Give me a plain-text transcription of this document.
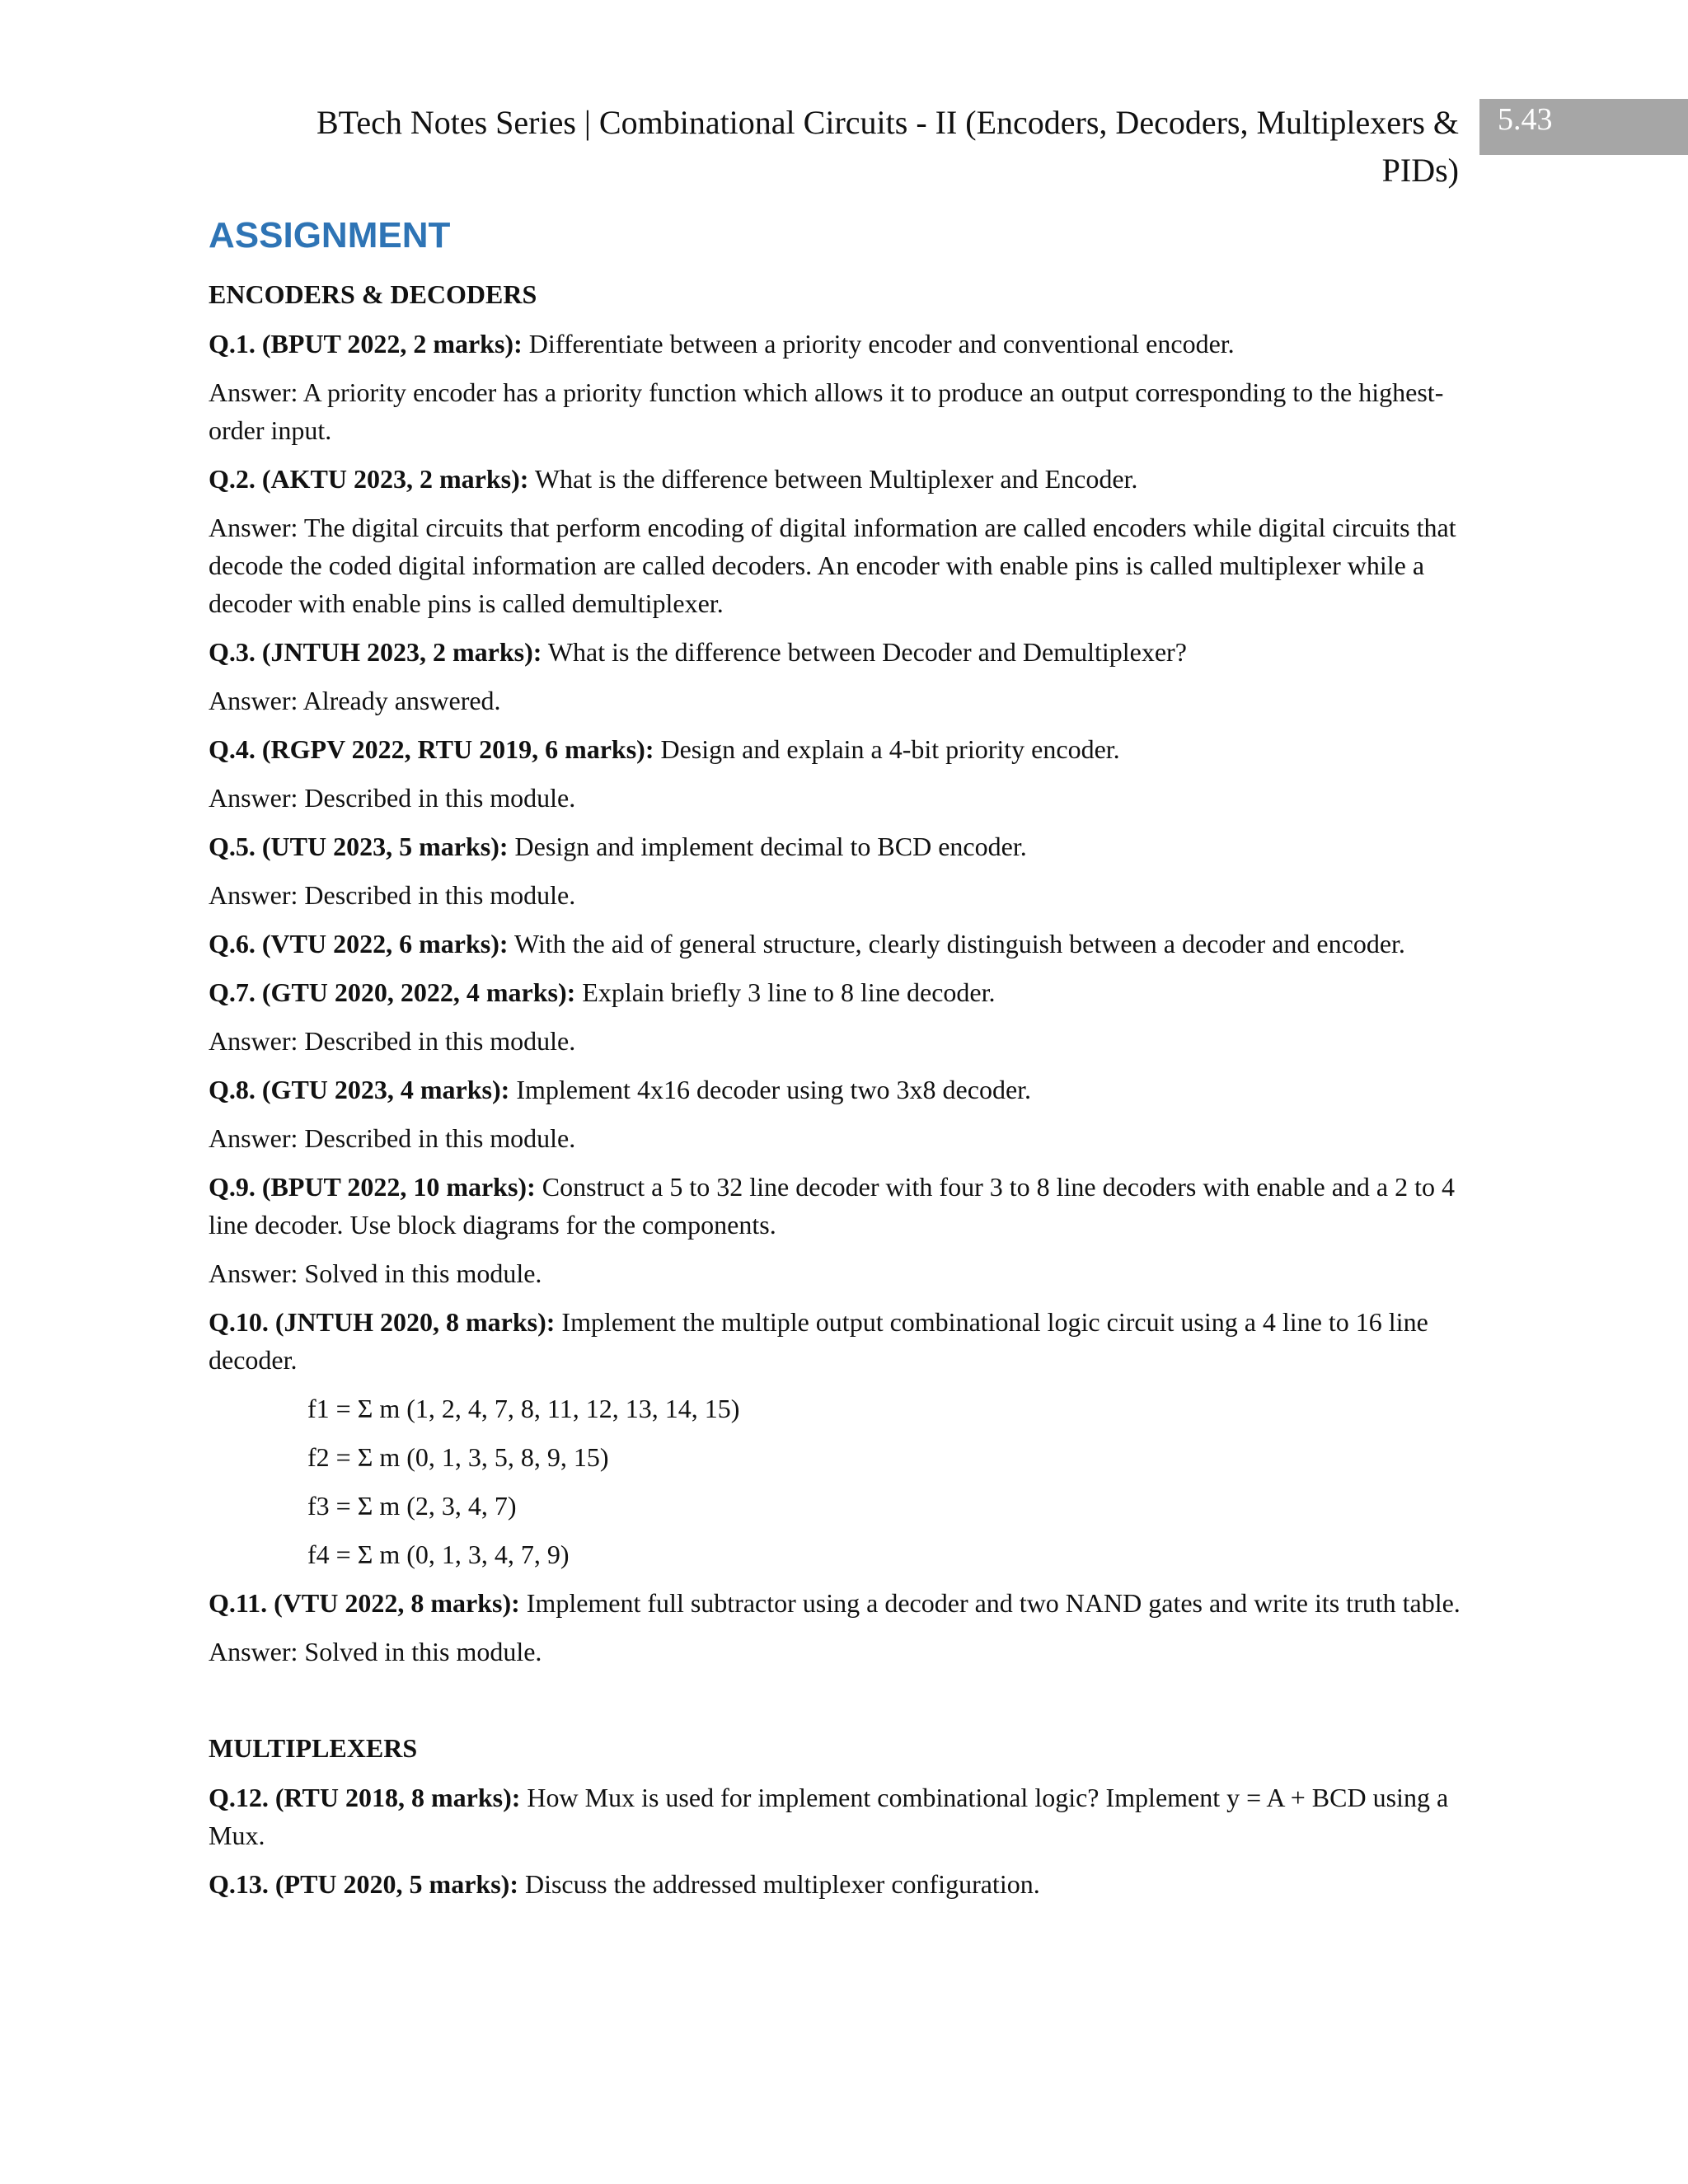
BTech Notes Series | Combinational Circuits - II (Encoders, Decoders, Multiplexers &
PIDs)
5.43
ASSIGNMENT
ENCODERS & DECODERS
Q.1. (BPUT 2022, 2 marks): Differentiate between a priority encoder and conventional encoder.
Answer: A priority encoder has a priority function which allows it to produce an output corresponding to the highest-order input.
Q.2. (AKTU 2023, 2 marks): What is the difference between Multiplexer and Encoder.
Answer: The digital circuits that perform encoding of digital information are called encoders while digital circuits that decode the coded digital information are called decoders. An encoder with enable pins is called multiplexer while a decoder with enable pins is called demultiplexer.
Q.3. (JNTUH 2023, 2 marks): What is the difference between Decoder and Demultiplexer?
Answer: Already answered.
Q.4. (RGPV 2022, RTU 2019, 6 marks): Design and explain a 4-bit priority encoder.
Answer: Described in this module.
Q.5. (UTU 2023, 5 marks): Design and implement decimal to BCD encoder.
Answer: Described in this module.
Q.6. (VTU 2022, 6 marks): With the aid of general structure, clearly distinguish between a decoder and encoder.
Q.7. (GTU 2020, 2022, 4 marks): Explain briefly 3 line to 8 line decoder.
Answer: Described in this module.
Q.8. (GTU 2023, 4 marks): Implement 4x16 decoder using two 3x8 decoder.
Answer: Described in this module.
Q.9. (BPUT 2022, 10 marks): Construct a 5 to 32 line decoder with four 3 to 8 line decoders with enable and a 2 to 4 line decoder. Use block diagrams for the components.
Answer: Solved in this module.
Q.10. (JNTUH 2020, 8 marks): Implement the multiple output combinational logic circuit using a 4 line to 16 line decoder.
f1 = Σ m (1, 2, 4, 7, 8, 11, 12, 13, 14, 15)
f2 = Σ m (0, 1, 3, 5, 8, 9, 15)
f3 = Σ m (2, 3, 4, 7)
f4 = Σ m (0, 1, 3, 4, 7, 9)
Q.11. (VTU 2022, 8 marks): Implement full subtractor using a decoder and two NAND gates and write its truth table.
Answer: Solved in this module.
MULTIPLEXERS
Q.12. (RTU 2018, 8 marks): How Mux is used for implement combinational logic? Implement y = A + BCD using a Mux.
Q.13. (PTU 2020, 5 marks): Discuss the addressed multiplexer configuration.
